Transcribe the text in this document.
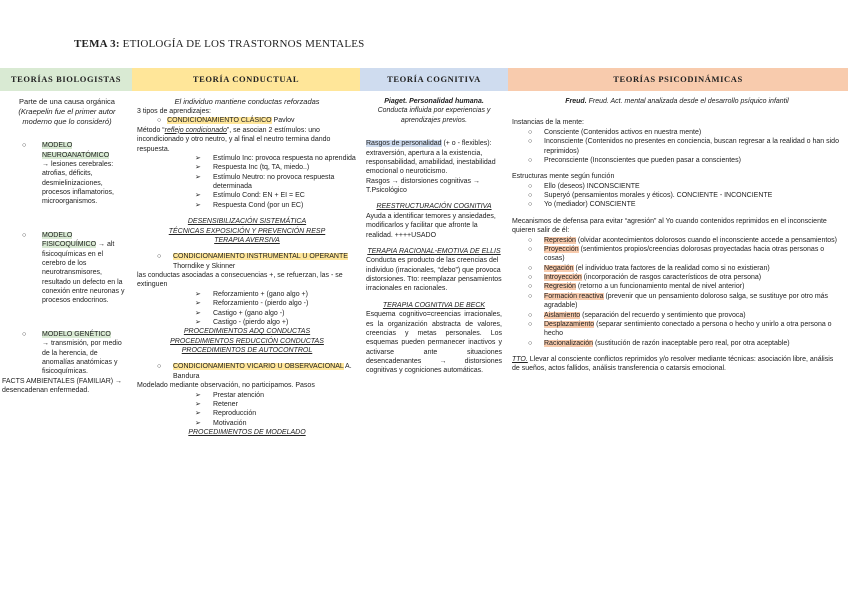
TEMA 3: ETIOLOGÍA DE LOS TRASTORNOS MENTALES
TEORÍAS BIOLOGISTAS	TEORÍA CONDUCTUAL	TEORÍA COGNITIVA	TEORÍAS PSICODINÁMICAS

Parte de una causa orgánica

(Kraepelin fue el primer autor moderno que lo consideró)

○ MODELO NEUROANATÓMICO

→ lesiones cerebrales: atrofias, déficits, desmielinizaciones, procesos inflamatorios, microorganismos.

○ MODELO FISICOQUÍMICO → alt fisicoquímicas en el cerebro de los neurotransmisores, resultado un defecto en la conexión entre neuronas y procesos endocrinos.

○ MODELO GENÉTICO

→ transmisión, por medio de la herencia, de anomalías anatómicas y fisicoquímicas.

FACTS AMBIENTALES (FAMILIAR) → desencadenan enfermedad.

El individuo mantiene conductas reforzadas

3 tipos de aprendizajes:

○ CONDICIONAMIENTO CLÁSICO Pavlov

Método “reflejo condicionado”, se asocian 2 estímulos: uno incondicionado y otro neutro, y al final el neutro termina dando respuesta.

➢	Estímulo Inc: provoca respuesta no aprendida
➢	Respuesta Inc (tq, TA, miedo..)
➢	Estímulo Neutro: no provoca respuesta determinada
➢	Estímulo Cond: EN + EI = EC
➢	Respuesta Cond (por un EC)

DESENSIBILIZACIÓN SISTEMÁTICA

TÉCNICAS EXPOSICIÓN Y PREVENCIÓN RESP

TERAPIA AVERSIVA

○	CONDICIONAMIENTO INSTRUMENTAL U OPERANTE Thorndike y Skinner

las conductas asociadas a consecuencias +, se refuerzan, las - se extinguen

➢	Reforzamiento + (gano algo +)
➢	Reforzamiento - (pierdo algo -)
➢	Castigo + (gano algo -)
➢	Castigo - (pierdo algo +)

PROCEDIMIENTOS ADQ CONDUCTAS

PROCEDIMIENTOS REDUCCIÓN CONDUCTAS

PROCEDIMIENTOS DE AUTOCONTROL

○	CONDICIONAMIENTO VICARIO U OBSERVACIONAL A. Bandura

Modelado mediante observación, no participamos. Pasos

➢	Prestar atención
➢	Retener
➢	Reproducción
➢	Motivación

PROCEDIMIENTOS DE MODELADO

Piaget. Personalidad humana.

Conducta influida por experiencias y aprendizajes previos.

Rasgos de personalidad (+ o - flexibles): extraversión, apertura a la existencia, responsabilidad, amabilidad, inestabilidad emocional o neuroticismo.

Rasgos → distorsiones cognitivas → T.Psicológico

REESTRUCTURACIÓN COGNITIVA

Ayuda a identificar temores y ansiedades, modificarlos y facilitar que afronte la realidad. ++++USADO

TERAPIA RACIONAL-EMOTIVA DE ELLIS

Conducta es producto de las creencias del individuo (irracionales, “debo”) que provoca distorsiones. Tto: reemplazar pensamientos irracionales en racionales.

TERAPIA COGNITIVA DE BECK

Esquema cognitivo=creencias irracionales, es la organización abstracta de valores, creencias y metas personales. Los esquemas pueden permanecer inactivos y activarse ante situaciones desencadenantes → distorsiones cognitivas y cogniciones automáticas.

Freud. Freud. Act. mental analizada desde el desarrollo psíquico infantil

Instancias de la mente:

○	Consciente (Contenidos activos en nuestra mente)
○	Inconsciente (Contenidos no presentes en conciencia, buscan regresar a la realidad o han sido reprimidos)
○	Preconsciente (Inconscientes que pueden pasar a conscientes)

Estructuras mente según función

○	Ello (deseos) INCONSCIENTE
○	Superyó (pensamientos morales y éticos). CONCIENTE - INCONCIENTE
○	Yo (mediador) CONSCIENTE

Mecanismos de defensa para evitar “agresión” al Yo cuando contenidos reprimidos en el inconsciente quieren salir de él:

○	Represión (olvidar acontecimientos dolorosos cuando el inconsciente accede a pensamientos)
○	Proyección (sentimientos propios/creencias dolorosas proyectadas hacia otras personas o cosas)
○	Negación (el individuo trata factores de la realidad como si no existieran)
○	Introyección (incorporación de rasgos característicos de otra persona)
○	Regresión (retorno a un funcionamiento mental de nivel anterior)
○	Formación reactiva (prevenir que un pensamiento doloroso salga, se sustituye por otro más agradable)
○	Aislamiento (separación del recuerdo y sentimiento que provoca)
○	Desplazamiento (separar sentimiento conectado a persona o hecho y unirlo a otra persona o hecho
○	Racionalización (sustitución de razón inaceptable pero real, por otra aceptable)

TTO. Llevar al consciente conflictos reprimidos y/o resolver mediante técnicas: asociación libre, análisis de sueños, actos fallidos, análisis transferencia o catarsis emocional.
